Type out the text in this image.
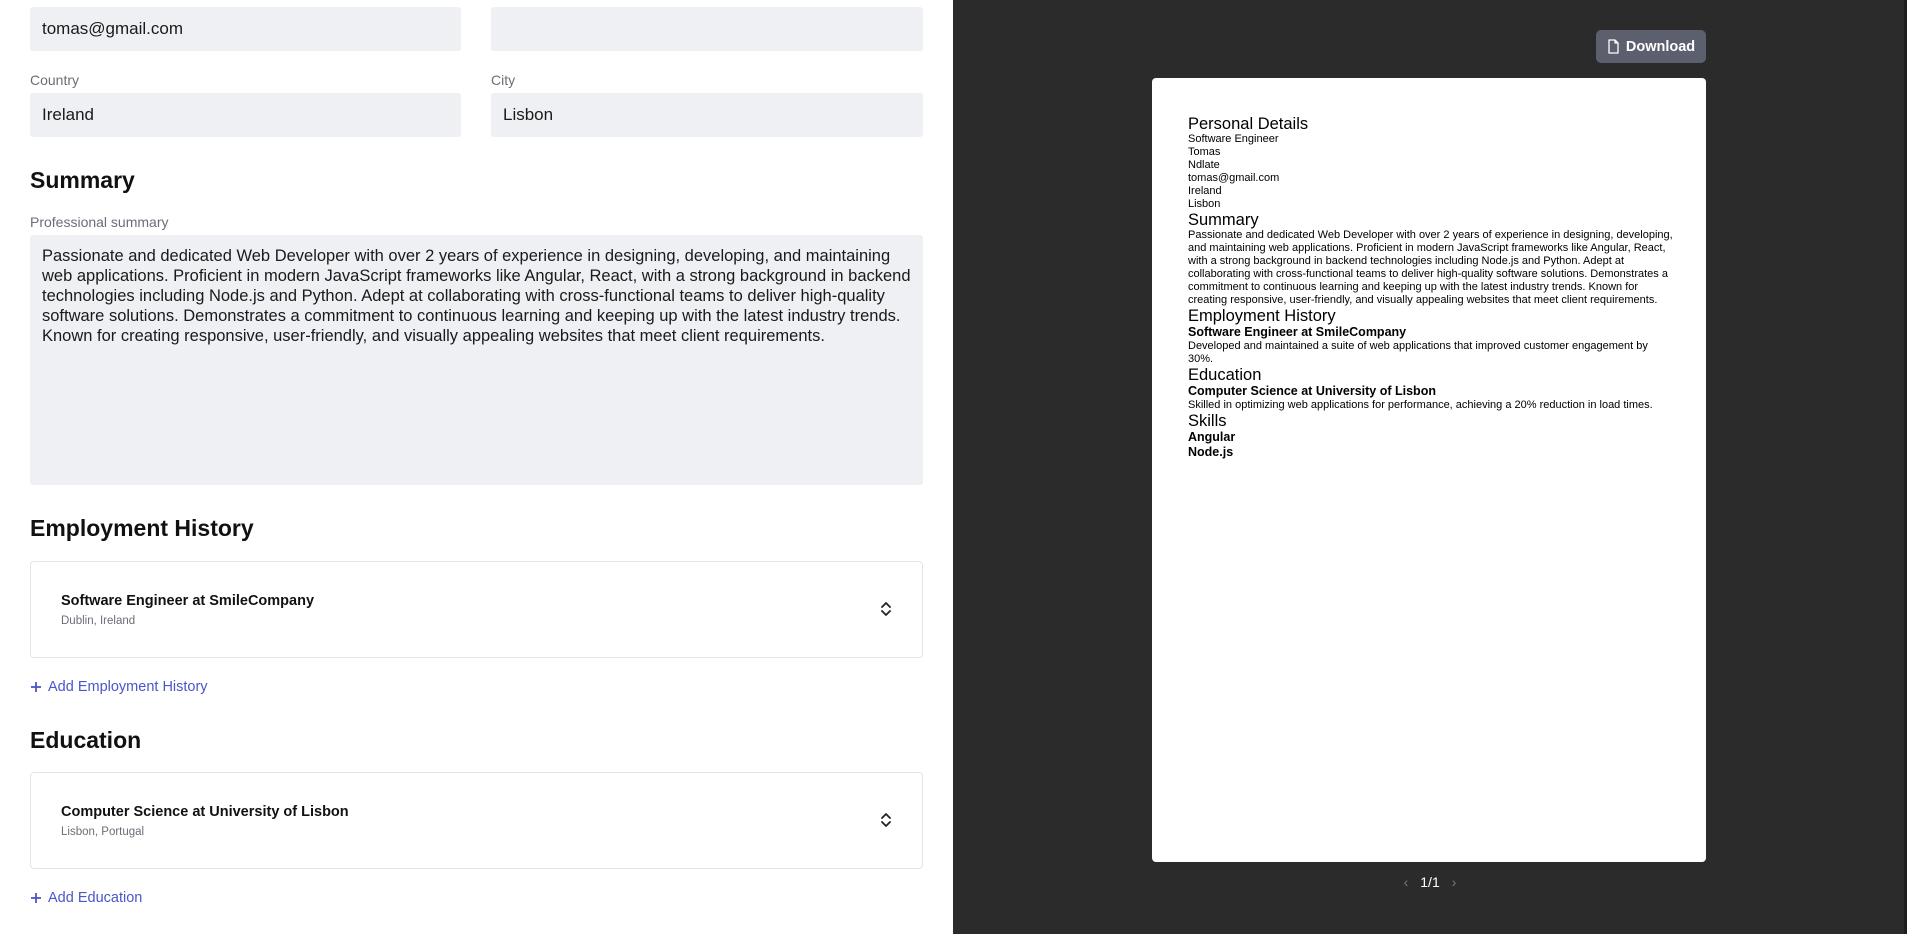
tomas@gmail.com
Country	City
Ireland	Lisbon
Summary
Professional summary
Passionate and dedicated Web Developer with over 2 years of experience in designing, developing, and maintaining web applications. Proficient in modern JavaScript frameworks like Angular, React, with a strong background in backend technologies including Node.js and Python. Adept at collaborating with cross-functional teams to deliver high-quality software solutions. Demonstrates a commitment to continuous learning and keeping up with the latest industry trends. Known for creating responsive, user-friendly, and visually appealing websites that meet client requirements.
Employment History
Software Engineer at SmileCompany
Dublin, Ireland
Add Employment History
Education
Computer Science at University of Lisbon
Lisbon, Portugal
Add Education
Download

Personal Details

Software Engineer

Tomas

Ndlate

tomas@gmail.com

Ireland

Lisbon

Summary

Passionate and dedicated Web Developer with over 2 years of experience in designing, developing, and maintaining web applications. Proficient in modern JavaScript frameworks like Angular, React, with a strong background in backend technologies including Node.js and Python. Adept at collaborating with cross-functional teams to deliver high-quality software solutions. Demonstrates a commitment to continuous learning and keeping up with the latest industry trends. Known for creating responsive, user-friendly, and visually appealing websites that meet client requirements.

Employment History

Software Engineer at SmileCompany

Developed and maintained a suite of web applications that improved customer engagement by 30%.

Education

Computer Science at University of Lisbon

Skilled in optimizing web applications for performance, achieving a 20% reduction in load times.

Skills

Angular

Node.js

‹ 1/1 ›
